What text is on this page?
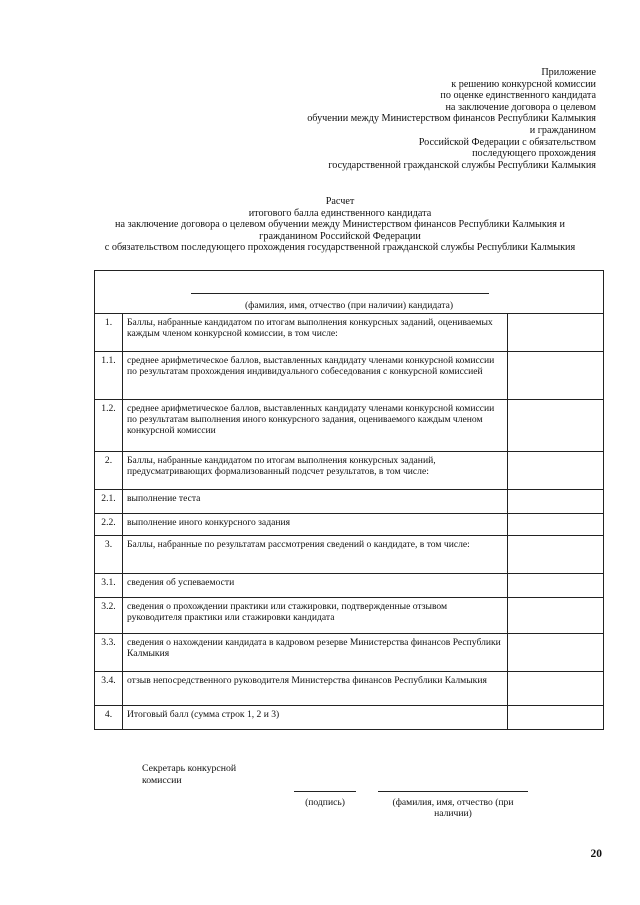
Приложение
к решению конкурсной комиссии
по оценке единственного кандидата
на заключение договора о целевом
обучении между Министерством финансов Республики Калмыкия
и гражданином
Российской Федерации с обязательством
последующего прохождения
государственной гражданской службы Республики Калмыкия
Расчет
итогового балла единственного кандидата
на заключение договора о целевом обучении между Министерством финансов Республики Калмыкия и
гражданином Российской Федерации
с обязательством последующего прохождения государственной гражданской службы Республики Калмыкия
(фамилия, имя, отчество (при наличии) кандидата)		

1.	Баллы, набранные кандидатом по итогам выполнения конкурсных заданий, оцениваемых каждым членом конкурсной комиссии, в том числе:	
1.1.	среднее арифметическое баллов, выставленных кандидату членами конкурсной комиссии по результатам прохождения индивидуального собеседования с конкурсной комиссией	
1.2.	среднее арифметическое баллов, выставленных кандидату членами конкурсной комиссии по результатам выполнения иного конкурсного задания, оцениваемого каждым членом конкурсной комиссии	
2.	Баллы, набранные кандидатом по итогам выполнения конкурсных заданий, предусматривающих формализованный подсчет результатов, в том числе:	
2.1.	выполнение теста	
2.2.	выполнение иного конкурсного задания	
3.	Баллы, набранные по результатам рассмотрения сведений о кандидате, в том числе:	
3.1.	сведения об успеваемости	
3.2.	сведения о прохождении практики или стажировки, подтвержденные отзывом руководителя практики или стажировки кандидата	
3.3.	сведения о нахождении кандидата в кадровом резерве Министерства финансов Республики Калмыкия	
3.4.	отзыв непосредственного руководителя Министерства финансов Республики Калмыкия	
4.	Итоговый балл (сумма строк 1, 2 и 3)	
Секретарь конкурсной
комиссии
(подпись)	(фамилия, имя, отчество (при
наличии)
20
